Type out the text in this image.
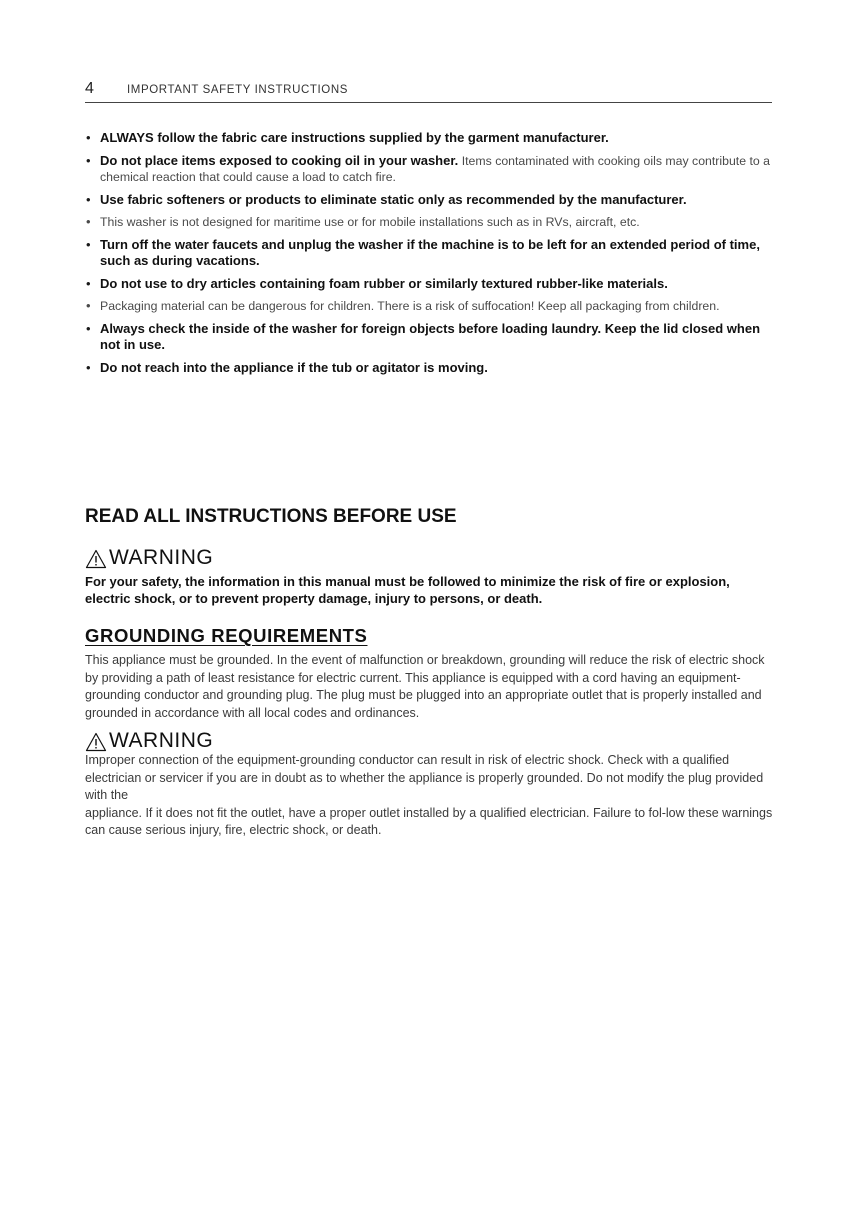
4	IMPORTANT SAFETY INSTRUCTIONS
• ALWAYS follow the fabric care instructions supplied by the garment manufacturer.
• Do not place items exposed to cooking oil in your washer. Items contaminated with cooking oils may contribute to a chemical reaction that could cause a load to catch fire.
• Use fabric softeners or products to eliminate static only as recommended by the manufacturer.
• This washer is not designed for maritime use or for mobile installations such as in RVs, aircraft, etc.
• Turn off the water faucets and unplug the washer if the machine is to be left for an extended period of time, such as during vacations.
• Do not use to dry articles containing foam rubber or similarly textured rubber-like materials.
• Packaging material can be dangerous for children. There is a risk of suffocation! Keep all packaging from children.
• Always check the inside of the washer for foreign objects before loading laundry. Keep the lid closed when not in use.
• Do not reach into the appliance if the tub or agitator is moving.
READ ALL INSTRUCTIONS BEFORE USE
WARNING

For your safety, the information in this manual must be followed to minimize the risk of fire or explosion, electric shock, or to prevent property damage, injury to persons, or death.

GROUNDING REQUIREMENTS

This appliance must be grounded. In the event of malfunction or breakdown, grounding will reduce the risk of electric shock by providing a path of least resistance for electric current. This appliance is equipped with a cord having an equipment-grounding conductor and grounding plug. The plug must be plugged into an appropriate outlet that is properly installed and grounded in accordance with all local codes and ordinances.

WARNING

Improper connection of the equipment-grounding conductor can result in risk of electric shock. Check with a qualified electrician or servicer if you are in doubt as to whether the appliance is properly grounded. Do not modify the plug provided with the
appliance. If it does not fit the outlet, have a proper outlet installed by a qualified electrician. Failure to fol-low these warnings can cause serious injury, fire, electric shock, or death.
